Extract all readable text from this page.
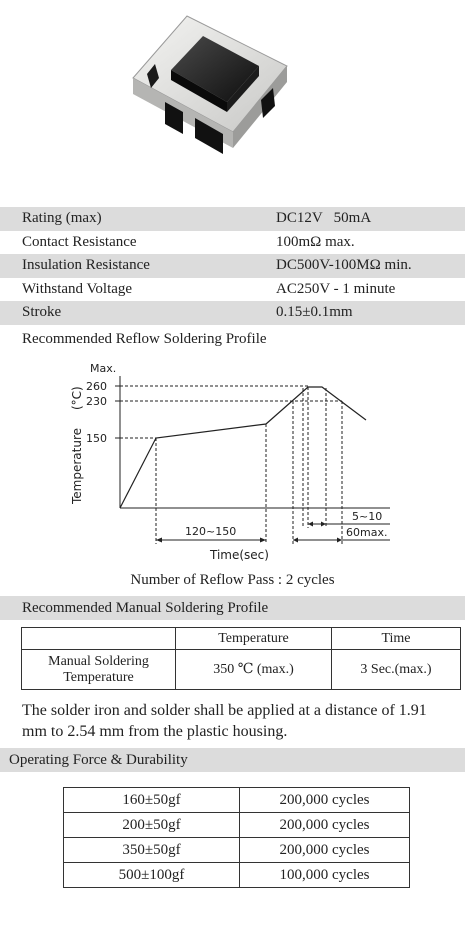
Rating (max)	DC12V   50mA
Contact Resistance	100mΩ max.
Insulation Resistance	DC500V-100MΩ min.
Withstand Voltage	AC250V - 1 minute
Stroke	0.15±0.1mm
Recommended Reflow Soldering Profile
Max.
260
230
150
120~150
5~10
60max.
Time(sec)
Temperature
(°C)
Number of Reflow Pass : 2 cycles
Recommended Manual Soldering Profile
	Temperature	Time

Manual Soldering
Temperature	350 ℃ (max.)	3 Sec.(max.)
The solder iron and solder shall be applied at a distance of 1.91 mm to 2.54 mm from the plastic housing.
Operating Force & Durability
160±50gf	200,000 cycles
200±50gf	200,000 cycles
350±50gf	200,000 cycles
500±100gf	100,000 cycles
